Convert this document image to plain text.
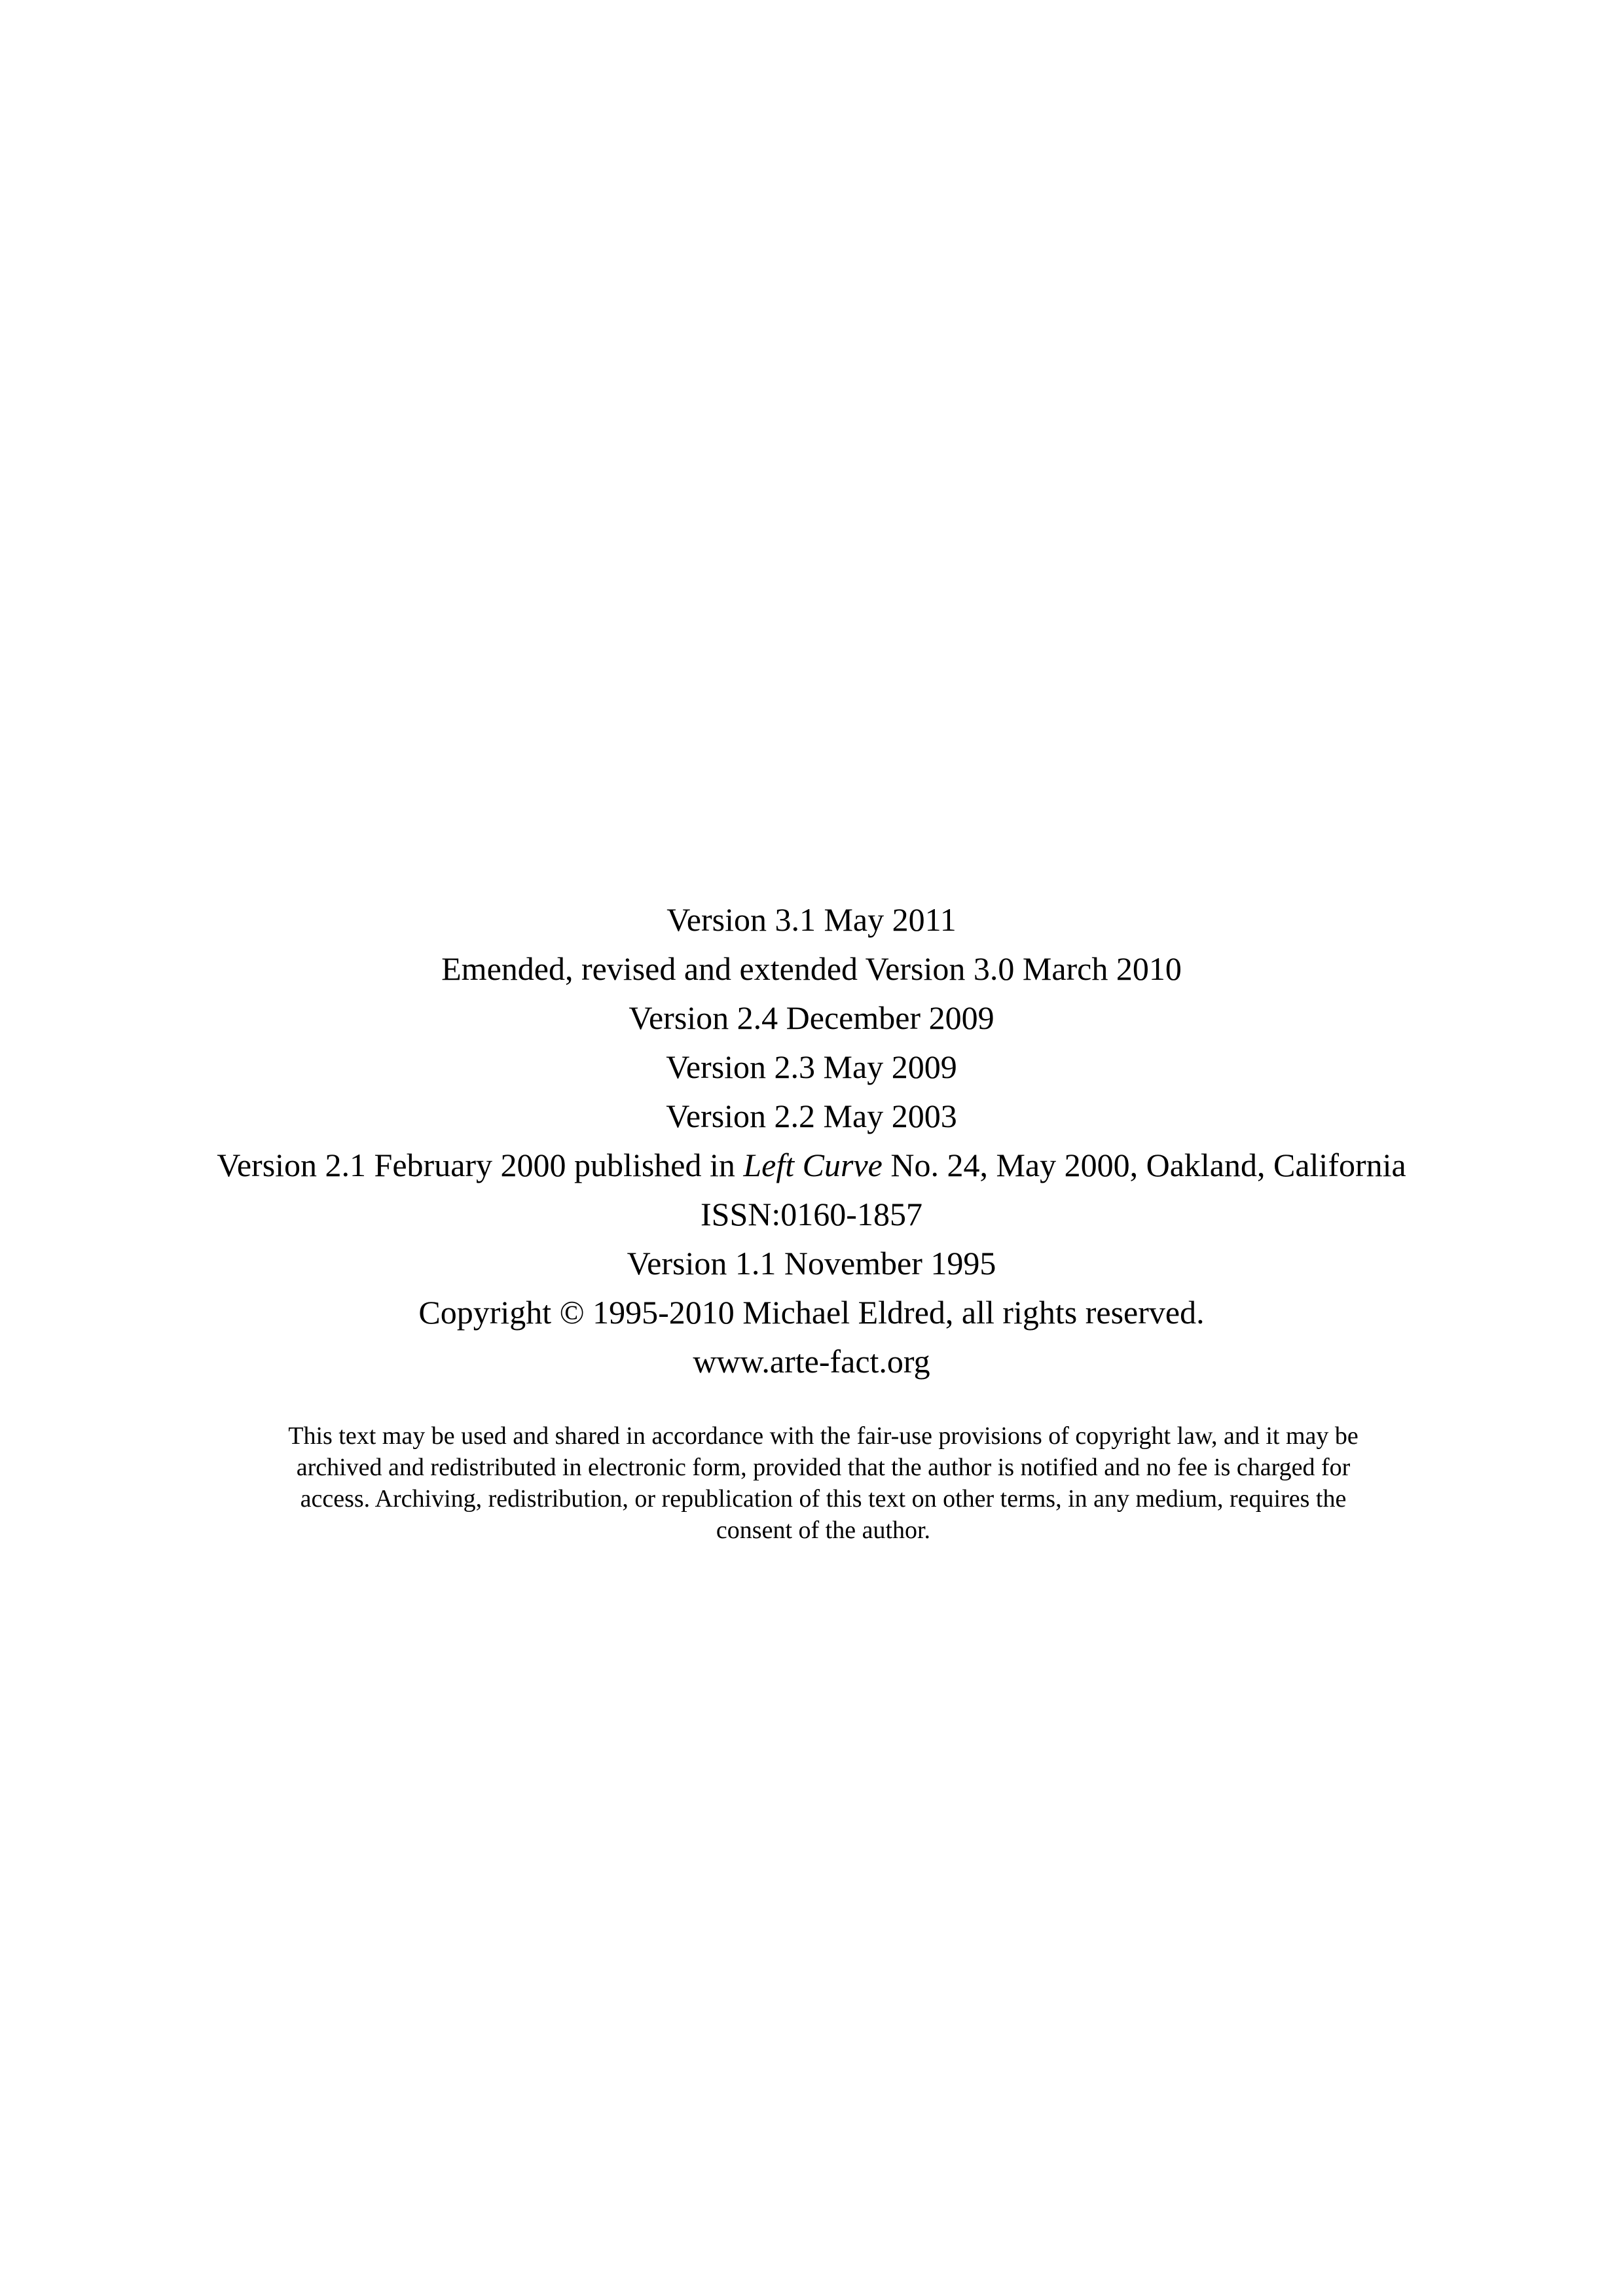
Version 3.1 May 2011
Emended, revised and extended Version 3.0 March 2010
Version 2.4 December 2009
Version 2.3 May 2009
Version 2.2 May 2003
Version 2.1 February 2000 published in Left Curve No. 24, May 2000, Oakland, California
ISSN:0160-1857
Version 1.1 November 1995
Copyright © 1995-2010 Michael Eldred, all rights reserved.
www.arte-fact.org
This text may be used and shared in accordance with the fair-use provisions of copyright law, and it may be
archived and redistributed in electronic form, provided that the author is notified and no fee is charged for
access. Archiving, redistribution, or republication of this text on other terms, in any medium, requires the
consent of the author.
